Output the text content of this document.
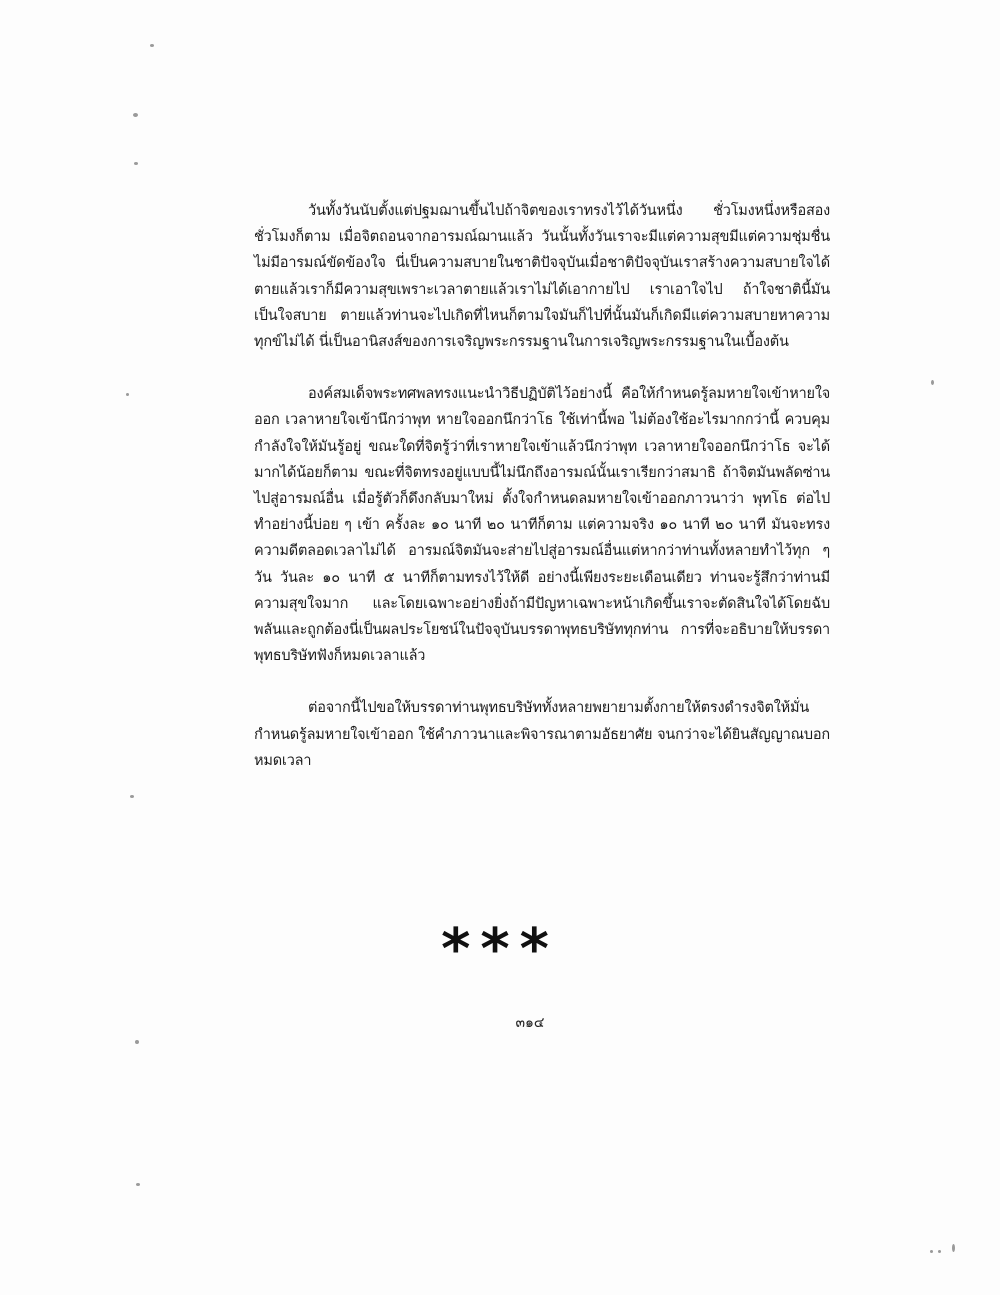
วันทั้งวันนับตั้งแต่ปฐมฌานขึ้นไปถ้าจิตของเราทรงไว้ได้วันหนึ่ง ชั่วโมงหนึ่งหรือสองชั่วโมงก็ตาม เมื่อจิตถอนจากอารมณ์ฌานแล้ว วันนั้นทั้งวันเราจะมีแต่ความสุขมีแต่ความชุ่มชื่นไม่มีอารมณ์ขัดข้องใจ นี่เป็นความสบายในชาติปัจจุบันเมื่อชาติปัจจุบันเราสร้างความสบายใจได้ ตายแล้วเราก็มีความสุขเพราะเวลาตายแล้วเราไม่ได้เอากายไป เราเอาใจไป ถ้าใจชาตินี้มันเป็นใจสบาย ตายแล้วท่านจะไปเกิดที่ไหนก็ตามใจมันก็ไปที่นั้นมันก็เกิดมีแต่ความสบายหาความทุกข์ไม่ได้ นี่เป็นอานิสงส์ของการเจริญพระกรรมฐานในการเจริญพระกรรมฐานในเบื้องต้น

องค์สมเด็จพระทศพลทรงแนะนำวิธีปฏิบัติไว้อย่างนี้ คือให้กำหนดรู้ลมหายใจเข้าหายใจออก เวลาหายใจเข้านึกว่าพุท หายใจออกนึกว่าโธ ใช้เท่านี้พอ ไม่ต้องใช้อะไรมากกว่านี้ ควบคุมกำลังใจให้มันรู้อยู่ ขณะใดที่จิตรู้ว่าที่เราหายใจเข้าแล้วนึกว่าพุท เวลาหายใจออกนึกว่าโธ จะได้มากได้น้อยก็ตาม ขณะที่จิตทรงอยู่แบบนี้ไม่นึกถึงอารมณ์นั้นเราเรียกว่าสมาธิ ถ้าจิตมันพลัดซ่านไปสู่อารมณ์อื่น เมื่อรู้ตัวก็ดึงกลับมาใหม่ ตั้งใจกำหนดลมหายใจเข้าออกภาวนาว่า พุทโธ ต่อไปทำอย่างนี้บ่อย ๆ เข้า ครั้งละ ๑๐ นาที ๒๐ นาทีก็ตาม แต่ความจริง ๑๐ นาที ๒๐ นาที มันจะทรงความดีตลอดเวลาไม่ได้ อารมณ์จิตมันจะส่ายไปสู่อารมณ์อื่นแต่หากว่าท่านทั้งหลายทำไว้ทุก ๆ วัน วันละ ๑๐ นาที ๕ นาทีก็ตามทรงไว้ให้ดี อย่างนี้เพียงระยะเดือนเดียว ท่านจะรู้สึกว่าท่านมีความสุขใจมาก และโดยเฉพาะอย่างยิ่งถ้ามีปัญหาเฉพาะหน้าเกิดขึ้นเราจะตัดสินใจได้โดยฉับพลันและถูกต้องนี่เป็นผลประโยชน์ในปัจจุบันบรรดาพุทธบริษัททุกท่าน การที่จะอธิบายให้บรรดาพุทธบริษัทฟังก็หมดเวลาแล้ว

ต่อจากนี้ไปขอให้บรรดาท่านพุทธบริษัททั้งหลายพยายามตั้งกายให้ตรงดำรงจิตให้มั่น กำหนดรู้ลมหายใจเข้าออก ใช้คำภาวนาและพิจารณาตามอัธยาศัย จนกว่าจะได้ยินสัญญาณบอกหมดเวลา

***
๓๑๔
